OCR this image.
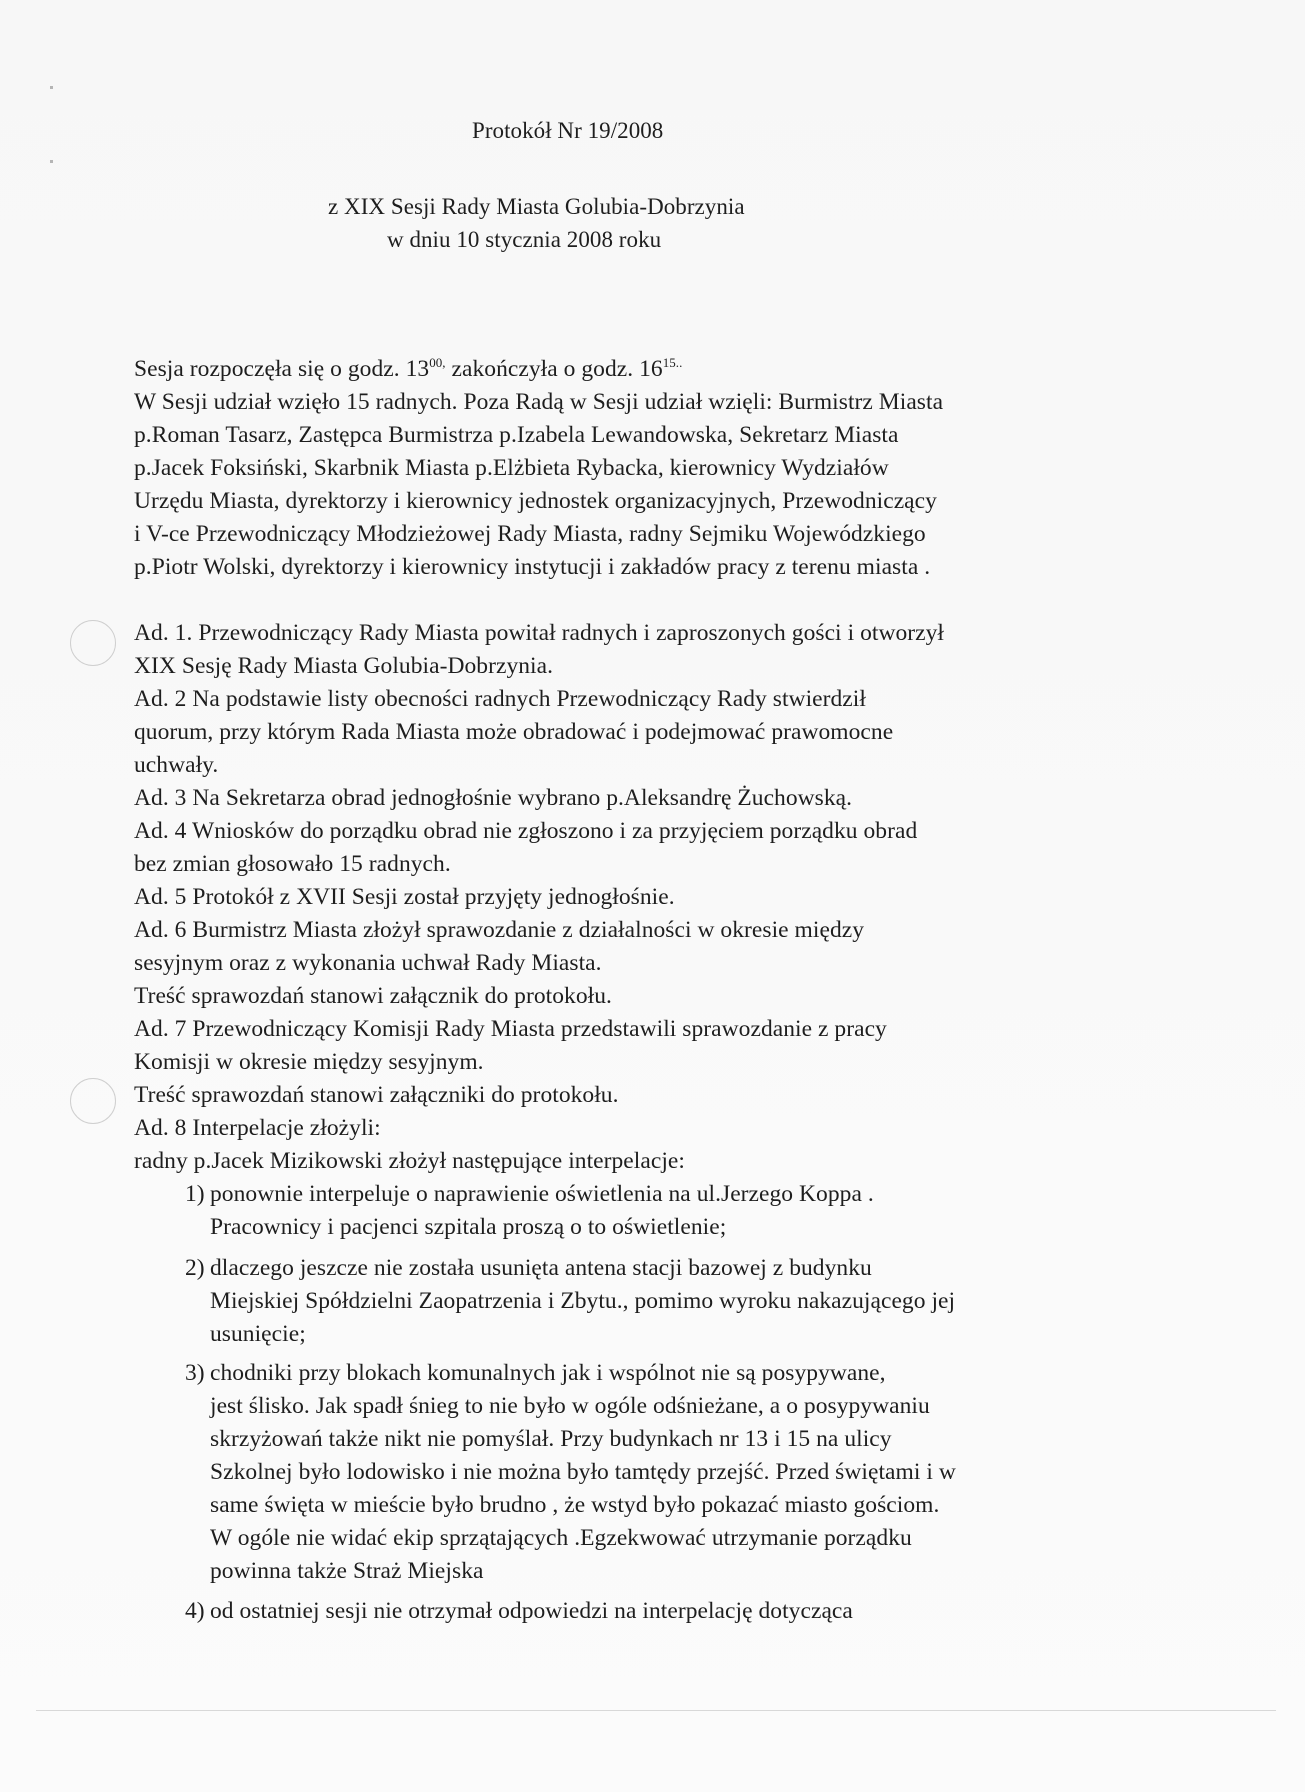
Protokół Nr 19/2008
z XIX Sesji Rady Miasta Golubia-Dobrzynia
w dniu 10 stycznia 2008 roku
Sesja rozpoczęła się o godz. $13^{00,}$ zakończyła o godz. $16^{15..}$
W Sesji udział wzięło 15 radnych. Poza Radą w Sesji udział wzięli: Burmistrz Miasta
p.Roman Tasarz, Zastępca Burmistrza p.Izabela Lewandowska, Sekretarz Miasta
p.Jacek Foksiński, Skarbnik Miasta p.Elżbieta Rybacka, kierownicy Wydziałów
Urzędu Miasta, dyrektorzy i kierownicy jednostek organizacyjnych, Przewodniczący
i V-ce Przewodniczący Młodzieżowej Rady Miasta, radny Sejmiku Wojewódzkiego
p.Piotr Wolski, dyrektorzy i kierownicy instytucji i zakładów pracy z terenu miasta .
Ad. 1. Przewodniczący Rady Miasta powitał radnych i zaproszonych gości i otworzył
XIX Sesję Rady Miasta Golubia-Dobrzynia.
Ad. 2 Na podstawie listy obecności radnych Przewodniczący Rady stwierdził
quorum, przy którym Rada Miasta może obradować i podejmować prawomocne
uchwały.
Ad. 3 Na Sekretarza obrad jednogłośnie wybrano p.Aleksandrę Żuchowską.
Ad. 4 Wniosków do porządku obrad nie zgłoszono i za przyjęciem porządku obrad
bez zmian głosowało 15 radnych.
Ad. 5 Protokół z XVII Sesji został przyjęty jednogłośnie.
Ad. 6 Burmistrz Miasta złożył sprawozdanie z działalności w okresie między
sesyjnym oraz z wykonania uchwał Rady Miasta.
Treść sprawozdań stanowi załącznik do protokołu.
Ad. 7 Przewodniczący Komisji Rady Miasta przedstawili sprawozdanie z pracy
Komisji w okresie między sesyjnym.
Treść sprawozdań stanowi załączniki do protokołu.
Ad. 8 Interpelacje złożyli:
radny p.Jacek Mizikowski złożył następujące interpelacje:
1) ponownie interpeluje o naprawienie oświetlenia na ul.Jerzego Koppa .
Pracownicy i pacjenci szpitala proszą o to oświetlenie;
2) dlaczego jeszcze nie została usunięta antena stacji bazowej z budynku
Miejskiej Spółdzielni Zaopatrzenia i Zbytu., pomimo wyroku nakazującego jej
usunięcie;
3) chodniki przy blokach komunalnych jak i wspólnot nie są posypywane,
jest ślisko. Jak spadł śnieg to nie było w ogóle odśnieżane, a o posypywaniu
skrzyżowań także nikt nie pomyślał. Przy budynkach nr 13 i 15 na ulicy
Szkolnej było lodowisko i nie można było tamtędy przejść. Przed świętami i w
same święta w mieście było brudno , że wstyd było pokazać miasto gościom.
W ogóle nie widać ekip sprzątających .Egzekwować utrzymanie porządku
powinna także Straż Miejska
4) od ostatniej sesji nie otrzymał odpowiedzi na interpelację dotycząca
